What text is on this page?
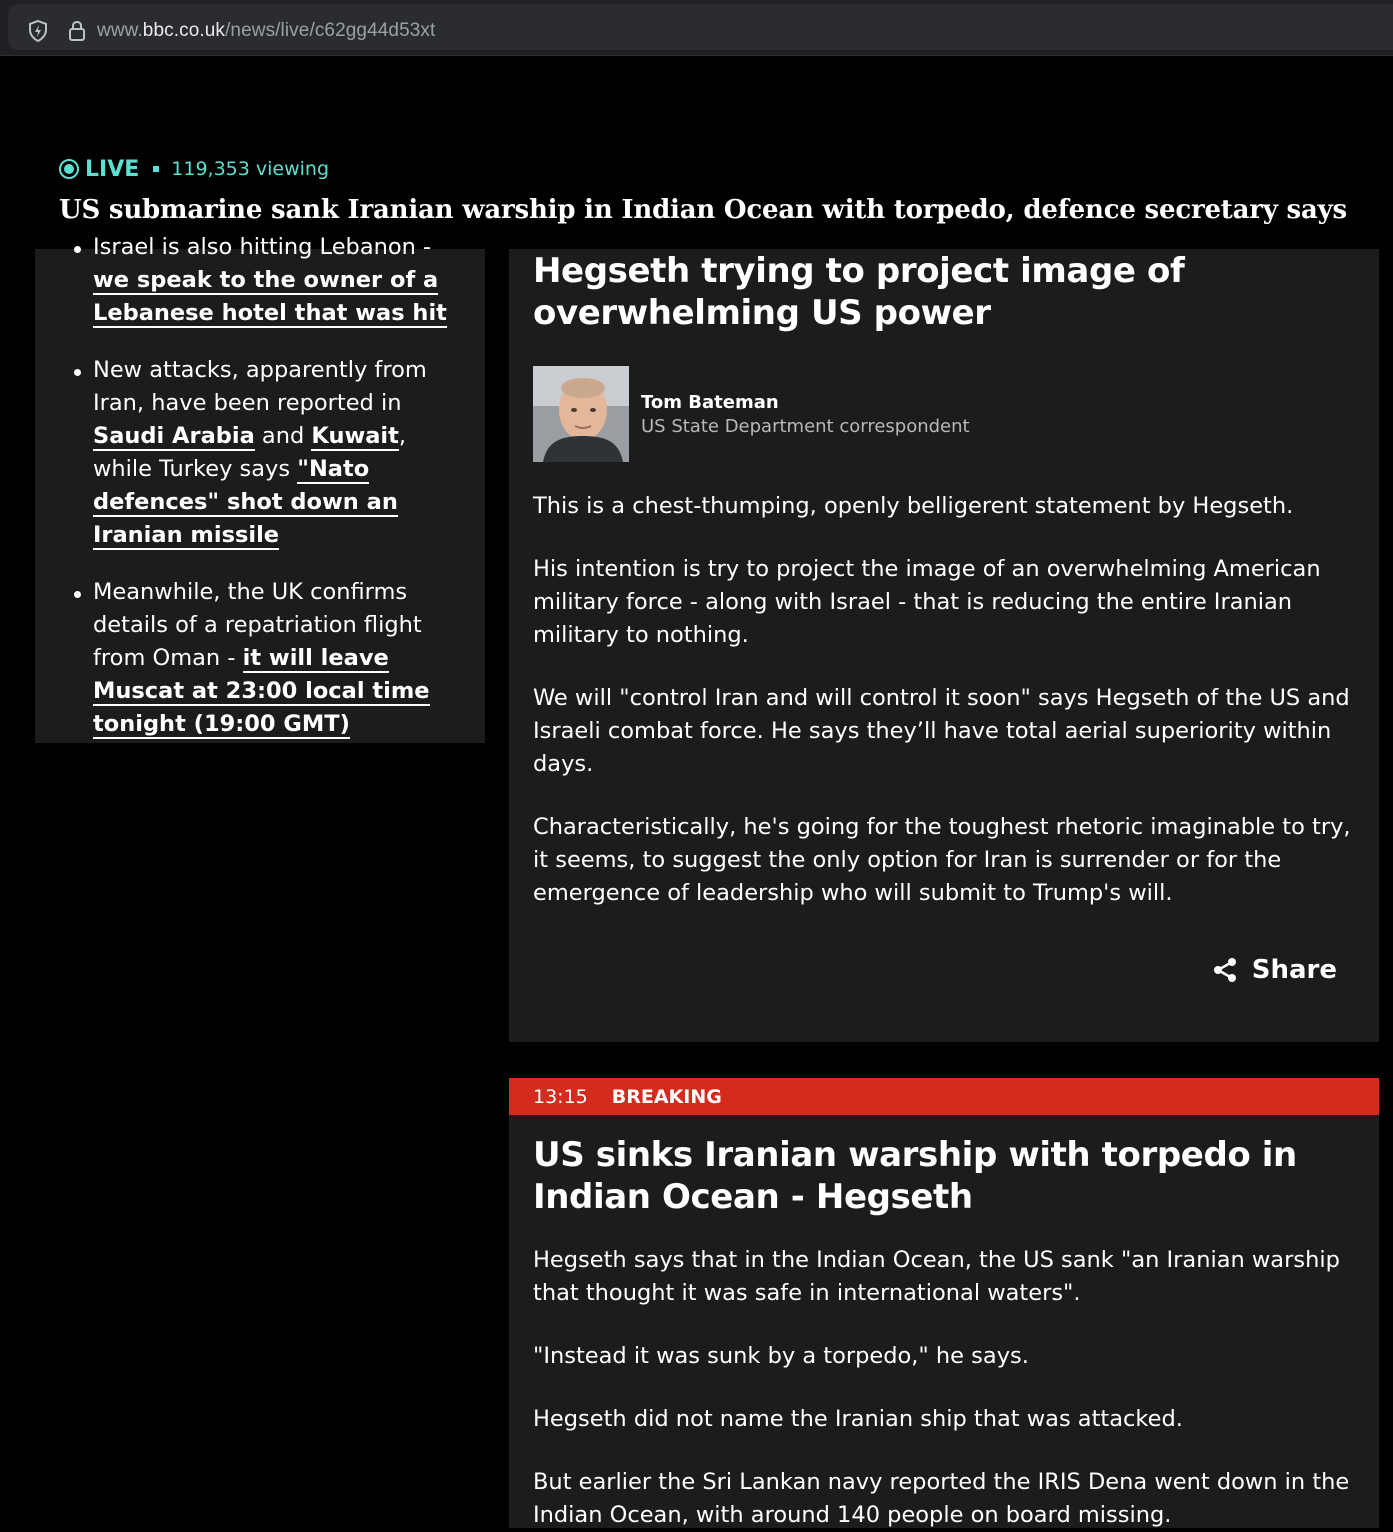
www.bbc.co.uk/news/live/c62gg44d53xt
LIVE 119,353 viewing
US submarine sank Iranian warship in Indian Ocean with torpedo, defence secretary says
Israel is also hitting Lebanon - we speak to the owner of a Lebanese hotel that was hit
New attacks, apparently from Iran, have been reported in Saudi Arabia and Kuwait, while Turkey says "Nato defences" shot down an Iranian missile
Meanwhile, the UK confirms details of a repatriation flight from Oman - it will leave Muscat at 23:00 local time tonight (19:00 GMT)
Hegseth trying to project image of overwhelming US power
Tom Bateman
US State Department correspondent

This is a chest-thumping, openly belligerent statement by Hegseth.

His intention is try to project the image of an overwhelming American military force - along with Israel - that is reducing the entire Iranian military to nothing.

We will "control Iran and will control it soon" says Hegseth of the US and Israeli combat force. He says they’ll have total aerial superiority within days.

Characteristically, he's going for the toughest rhetoric imaginable to try, it seems, to suggest the only option for Iran is surrender or for the emergence of leadership who will submit to Trump's will.

Share
13:15 BREAKING
US sinks Iranian warship with torpedo in Indian Ocean - Hegseth

Hegseth says that in the Indian Ocean, the US sank "an Iranian warship that thought it was safe in international waters".

"Instead it was sunk by a torpedo," he says.

Hegseth did not name the Iranian ship that was attacked.

But earlier the Sri Lankan navy reported the IRIS Dena went down in the Indian Ocean, with around 140 people on board missing.
